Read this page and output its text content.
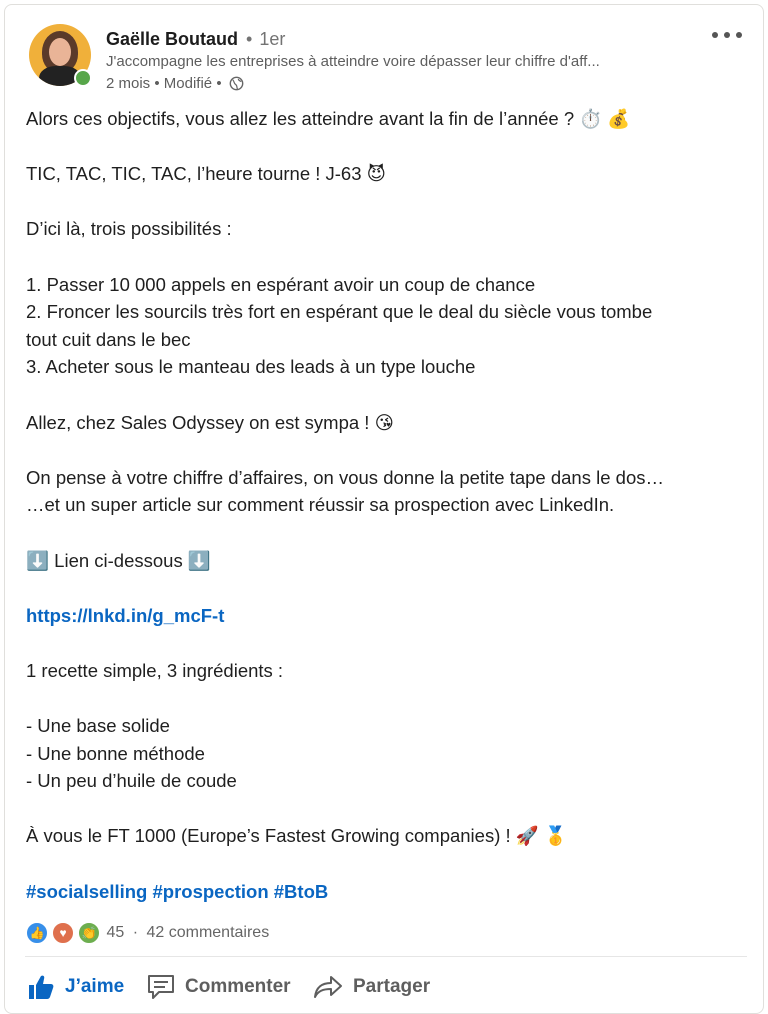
Gaëlle Boutaud • 1er
J'accompagne les entreprises à atteindre voire dépasser leur chiffre d'aff...
2 mois • Modifié •

Alors ces objectifs, vous allez les atteindre avant la fin de l’année ? ⏱️ 💰

TIC, TAC, TIC, TAC, l’heure tourne ! J-63 😈

D’ici là, trois possibilités :

1. Passer 10 000 appels en espérant avoir un coup de chance

2. Froncer les sourcils très fort en espérant que le deal du siècle vous tombe

tout cuit dans le bec

3. Acheter sous le manteau des leads à un type louche

Allez, chez Sales Odyssey on est sympa ! 😘

On pense à votre chiffre d’affaires, on vous donne la petite tape dans le dos…

…et un super article sur comment réussir sa prospection avec LinkedIn.

⬇️ Lien ci-dessous ⬇️

https://lnkd.in/g_mcF-t

1 recette simple, 3 ingrédients :

- Une base solide

- Une bonne méthode

- Un peu d’huile de coude

À vous le FT 1000 (Europe’s Fastest Growing companies) ! 🚀 🥇

#socialselling #prospection #BtoB

👍	♥	👏 45 · 42 commentaires
J’aime	Commenter	Partager
